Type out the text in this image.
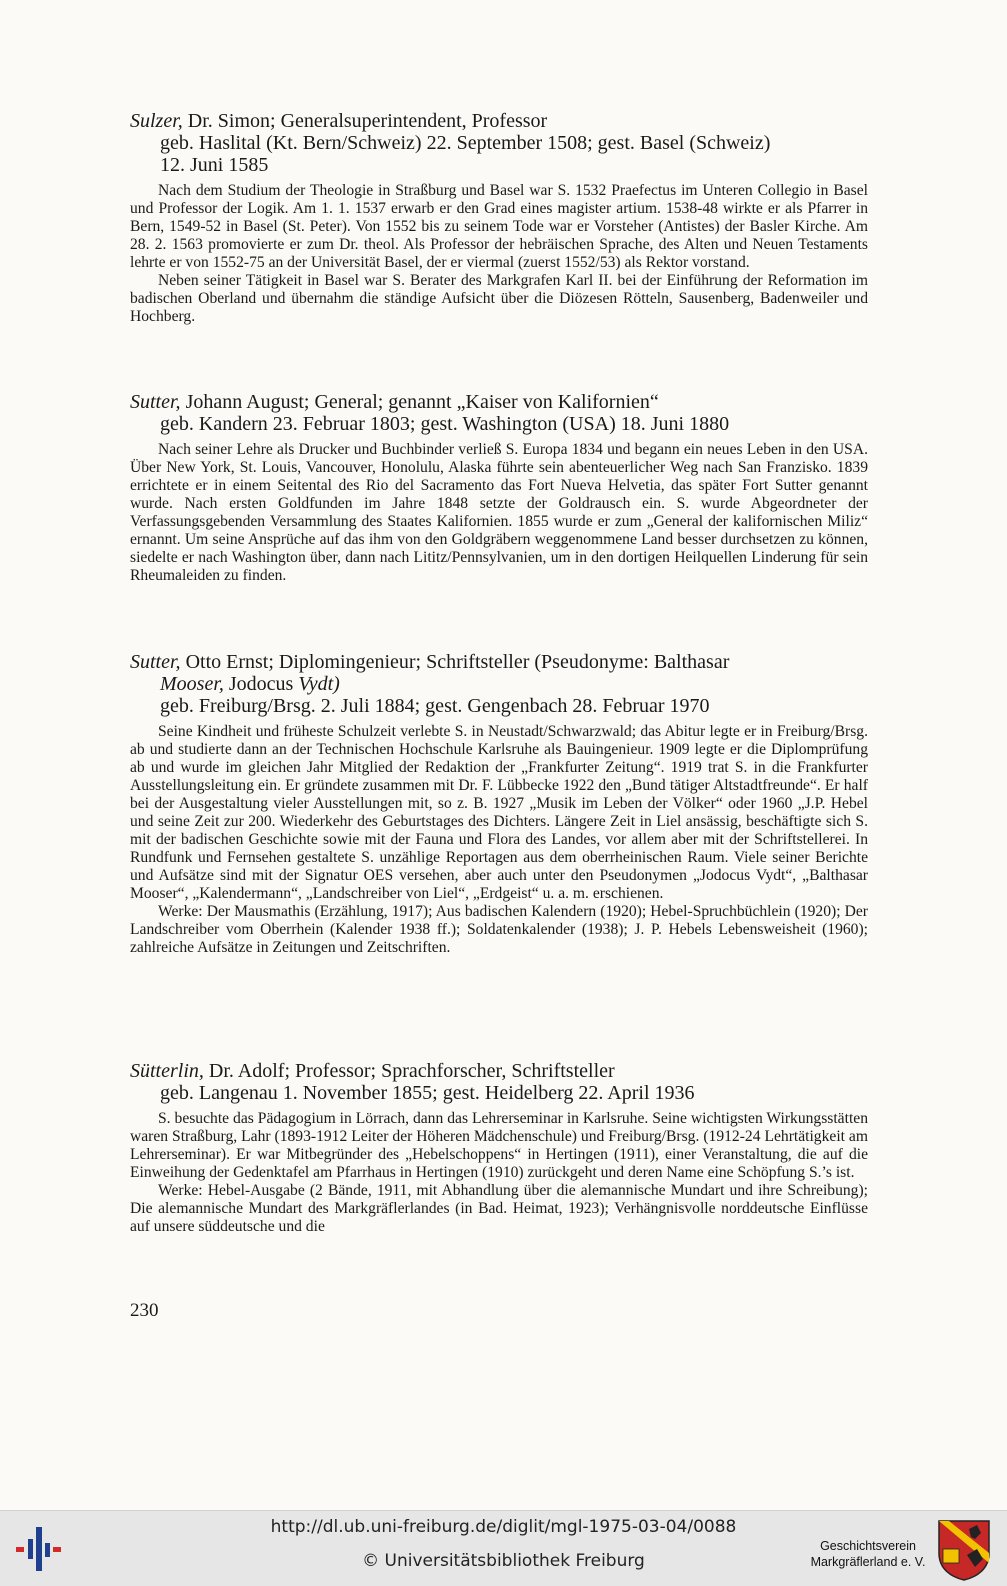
Sulzer, Dr. Simon; Generalsuperintendent, Professor

geb. Haslital (Kt. Bern/Schweiz) 22. September 1508; gest. Basel (Schweiz)
12. Juni 1585

Nach dem Studium der Theologie in Straßburg und Basel war S. 1532 Praefectus im Unteren Collegio in Basel und Professor der Logik. Am 1. 1. 1537 erwarb er den Grad eines magister artium. 1538-48 wirkte er als Pfarrer in Bern, 1549-52 in Basel (St. Peter). Von 1552 bis zu seinem Tode war er Vorsteher (Antistes) der Basler Kirche. Am 28. 2. 1563 promovierte er zum Dr. theol. Als Professor der hebräischen Sprache, des Alten und Neuen Testaments lehrte er von 1552-75 an der Universität Basel, der er viermal (zuerst 1552/53) als Rektor vorstand.

Neben seiner Tätigkeit in Basel war S. Berater des Markgrafen Karl II. bei der Einführung der Reformation im badischen Oberland und übernahm die ständige Aufsicht über die Diözesen Rötteln, Sausenberg, Badenweiler und Hochberg.

Sutter, Johann August; General; genannt „Kaiser von Kalifornien“

geb. Kandern 23. Februar 1803; gest. Washington (USA) 18. Juni 1880

Nach seiner Lehre als Drucker und Buchbinder verließ S. Europa 1834 und begann ein neues Leben in den USA. Über New York, St. Louis, Vancouver, Honolulu, Alaska führte sein abenteuerlicher Weg nach San Franzisko. 1839 errichtete er in einem Seitental des Rio del Sacramento das Fort Nueva Helvetia, das später Fort Sutter genannt wurde. Nach ersten Goldfunden im Jahre 1848 setzte der Goldrausch ein. S. wurde Abgeordneter der Verfassungsgebenden Versammlung des Staates Kalifornien. 1855 wurde er zum „General der kalifornischen Miliz“ ernannt. Um seine Ansprüche auf das ihm von den Goldgräbern weggenommene Land besser durchsetzen zu können, siedelte er nach Washington über, dann nach Lititz/Pennsylvanien, um in den dortigen Heilquellen Linderung für sein Rheumaleiden zu finden.

Sutter, Otto Ernst; Diplomingenieur; Schriftsteller (Pseudonyme: Balthasar
Mooser, Jodocus Vydt)

geb. Freiburg/Brsg. 2. Juli 1884; gest. Gengenbach 28. Februar 1970

Seine Kindheit und früheste Schulzeit verlebte S. in Neustadt/Schwarzwald; das Abitur legte er in Freiburg/Brsg. ab und studierte dann an der Technischen Hochschule Karlsruhe als Bauingenieur. 1909 legte er die Diplomprüfung ab und wurde im gleichen Jahr Mitglied der Redaktion der „Frankfurter Zeitung“. 1919 trat S. in die Frankfurter Ausstellungsleitung ein. Er gründete zusammen mit Dr. F. Lübbecke 1922 den „Bund tätiger Altstadtfreunde“. Er half bei der Ausgestaltung vieler Ausstellungen mit, so z. B. 1927 „Musik im Leben der Völker“ oder 1960 „J.P. Hebel und seine Zeit zur 200. Wiederkehr des Geburtstages des Dichters. Längere Zeit in Liel ansässig, beschäftigte sich S. mit der badischen Geschichte sowie mit der Fauna und Flora des Landes, vor allem aber mit der Schriftstellerei. In Rundfunk und Fernsehen gestaltete S. unzählige Reportagen aus dem oberrheinischen Raum. Viele seiner Berichte und Aufsätze sind mit der Signatur OES versehen, aber auch unter den Pseudonymen „Jodocus Vydt“, „Balthasar Mooser“, „Kalendermann“, „Landschreiber von Liel“, „Erdgeist“ u. a. m. erschienen.

Werke: Der Mausmathis (Erzählung, 1917); Aus badischen Kalendern (1920); Hebel-Spruchbüchlein (1920); Der Landschreiber vom Oberrhein (Kalender 1938 ff.); Soldatenkalender (1938); J. P. Hebels Lebensweisheit (1960); zahlreiche Aufsätze in Zeitungen und Zeitschriften.

Sütterlin, Dr. Adolf; Professor; Sprachforscher, Schriftsteller

geb. Langenau 1. November 1855; gest. Heidelberg 22. April 1936

S. besuchte das Pädagogium in Lörrach, dann das Lehrerseminar in Karlsruhe. Seine wichtigsten Wirkungsstätten waren Straßburg, Lahr (1893-1912 Leiter der Höheren Mädchenschule) und Freiburg/Brsg. (1912-24 Lehrtätigkeit am Lehrerseminar). Er war Mitbegründer des „Hebelschoppens“ in Hertingen (1911), einer Veranstaltung, die auf die Einweihung der Gedenktafel am Pfarrhaus in Hertingen (1910) zurückgeht und deren Name eine Schöpfung S.’s ist.

Werke: Hebel-Ausgabe (2 Bände, 1911, mit Abhandlung über die alemannische Mundart und ihre Schreibung); Die alemannische Mundart des Markgräflerlandes (in Bad. Heimat, 1923); Verhängnisvolle norddeutsche Einflüsse auf unsere süddeutsche und die

230
http://dl.ub.uni-freiburg.de/diglit/mgl-1975-03-04/0088
© Universitätsbibliothek Freiburg
Geschichtsverein
Markgräflerland e. V.
